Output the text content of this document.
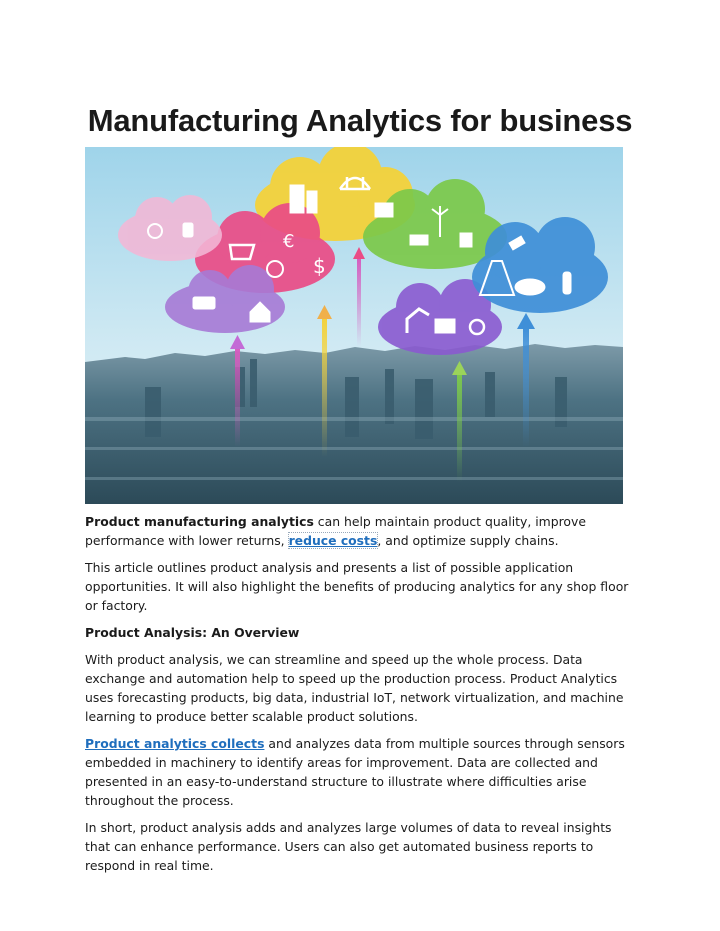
Manufacturing Analytics for business
€
$

Product manufacturing analytics can help maintain product quality, improve performance with lower returns, reduce costs, and optimize supply chains.

This article outlines product analysis and presents a list of possible application opportunities. It will also highlight the benefits of producing analytics for any shop floor or factory.

Product Analysis: An Overview

With product analysis, we can streamline and speed up the whole process. Data exchange and automation help to speed up the production process. Product Analytics uses forecasting products, big data, industrial IoT, network virtualization, and machine learning to produce better scalable product solutions.

Product analytics collects and analyzes data from multiple sources through sensors embedded in machinery to identify areas for improvement. Data are collected and presented in an easy-to-understand structure to illustrate where difficulties arise throughout the process.

In short, product analysis adds and analyzes large volumes of data to reveal insights that can enhance performance. Users can also get automated business reports to respond in real time.
